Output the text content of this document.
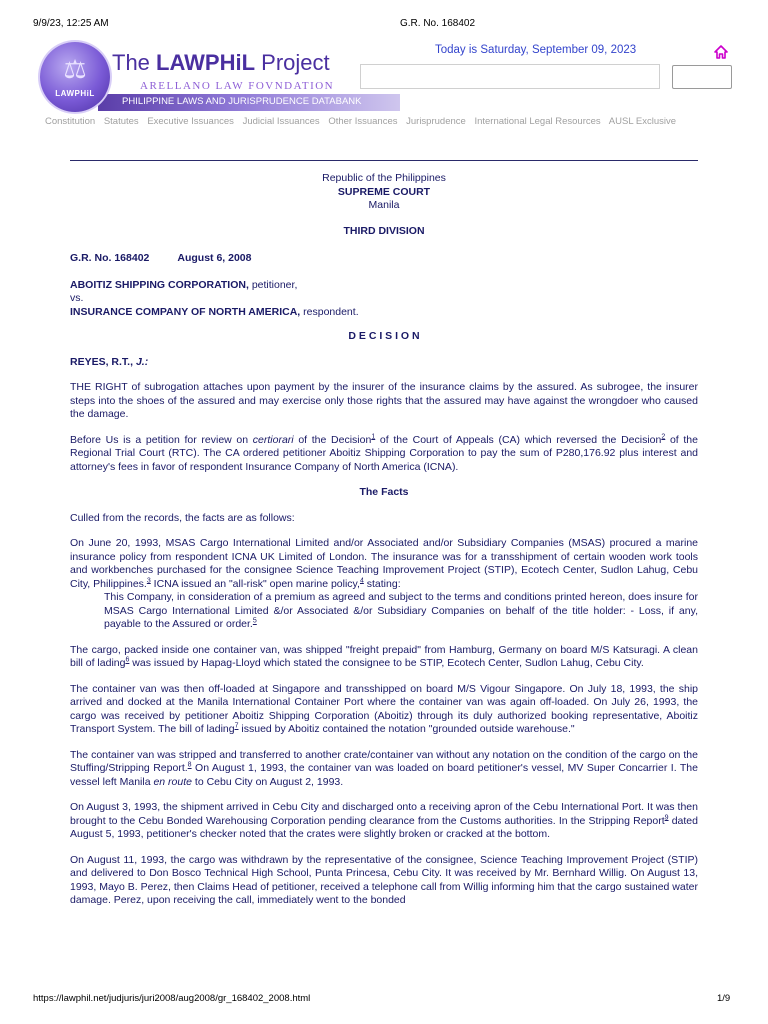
9/9/23, 12:25 AM	G.R. No. 168402
PHILIPPINE LAWS AND JURISPRUDENCE DATABANK
⚖
LAWPHiL
The LAWPHiL Project
ARELLANO LAW FOVNDATION
Today is Saturday, September 09, 2023
Constitution Statutes Executive Issuances Judicial Issuances Other Issuances Jurisprudence International Legal Resources AUSL Exclusive
Republic of the Philippines
SUPREME COURT
Manila
THIRD DIVISION
G.R. No. 168402	August 6, 2008
ABOITIZ SHIPPING CORPORATION, petitioner,
vs.
INSURANCE COMPANY OF NORTH AMERICA, respondent.
D E C I S I O N
REYES, R.T., J.:

THE RIGHT of subrogation attaches upon payment by the insurer of the insurance claims by the assured. As subrogee, the insurer steps into the shoes of the assured and may exercise only those rights that the assured may have against the wrongdoer who caused the damage.

Before Us is a petition for review on certiorari of the Decision$^1$ of the Court of Appeals (CA) which reversed the Decision$^2$ of the Regional Trial Court (RTC). The CA ordered petitioner Aboitiz Shipping Corporation to pay the sum of P280,176.92 plus interest and attorney's fees in favor of respondent Insurance Company of North America (ICNA).

The Facts

Culled from the records, the facts are as follows:

On June 20, 1993, MSAS Cargo International Limited and/or Associated and/or Subsidiary Companies (MSAS) procured a marine insurance policy from respondent ICNA UK Limited of London. The insurance was for a transshipment of certain wooden work tools and workbenches purchased for the consignee Science Teaching Improvement Project (STIP), Ecotech Center, Sudlon Lahug, Cebu City, Philippines.$^3$ ICNA issued an "all-risk" open marine policy,$^4$ stating:

This Company, in consideration of a premium as agreed and subject to the terms and conditions printed hereon, does insure for MSAS Cargo International Limited &/or Associated &/or Subsidiary Companies on behalf of the title holder: - Loss, if any, payable to the Assured or order.$^5$

The cargo, packed inside one container van, was shipped "freight prepaid" from Hamburg, Germany on board M/S Katsuragi. A clean bill of lading$^6$ was issued by Hapag-Lloyd which stated the consignee to be STIP, Ecotech Center, Sudlon Lahug, Cebu City.

The container van was then off-loaded at Singapore and transshipped on board M/S Vigour Singapore. On July 18, 1993, the ship arrived and docked at the Manila International Container Port where the container van was again off-loaded. On July 26, 1993, the cargo was received by petitioner Aboitiz Shipping Corporation (Aboitiz) through its duly authorized booking representative, Aboitiz Transport System. The bill of lading$^7$ issued by Aboitiz contained the notation "grounded outside warehouse."

The container van was stripped and transferred to another crate/container van without any notation on the condition of the cargo on the Stuffing/Stripping Report.$^8$ On August 1, 1993, the container van was loaded on board petitioner's vessel, MV Super Concarrier I. The vessel left Manila en route to Cebu City on August 2, 1993.

On August 3, 1993, the shipment arrived in Cebu City and discharged onto a receiving apron of the Cebu International Port. It was then brought to the Cebu Bonded Warehousing Corporation pending clearance from the Customs authorities. In the Stripping Report$^9$ dated August 5, 1993, petitioner's checker noted that the crates were slightly broken or cracked at the bottom.

On August 11, 1993, the cargo was withdrawn by the representative of the consignee, Science Teaching Improvement Project (STIP) and delivered to Don Bosco Technical High School, Punta Princesa, Cebu City. It was received by Mr. Bernhard Willig. On August 13, 1993, Mayo B. Perez, then Claims Head of petitioner, received a telephone call from Willig informing him that the cargo sustained water damage. Perez, upon receiving the call, immediately went to the bonded

https://lawphil.net/judjuris/juri2008/aug2008/gr_168402_2008.html	1/9
